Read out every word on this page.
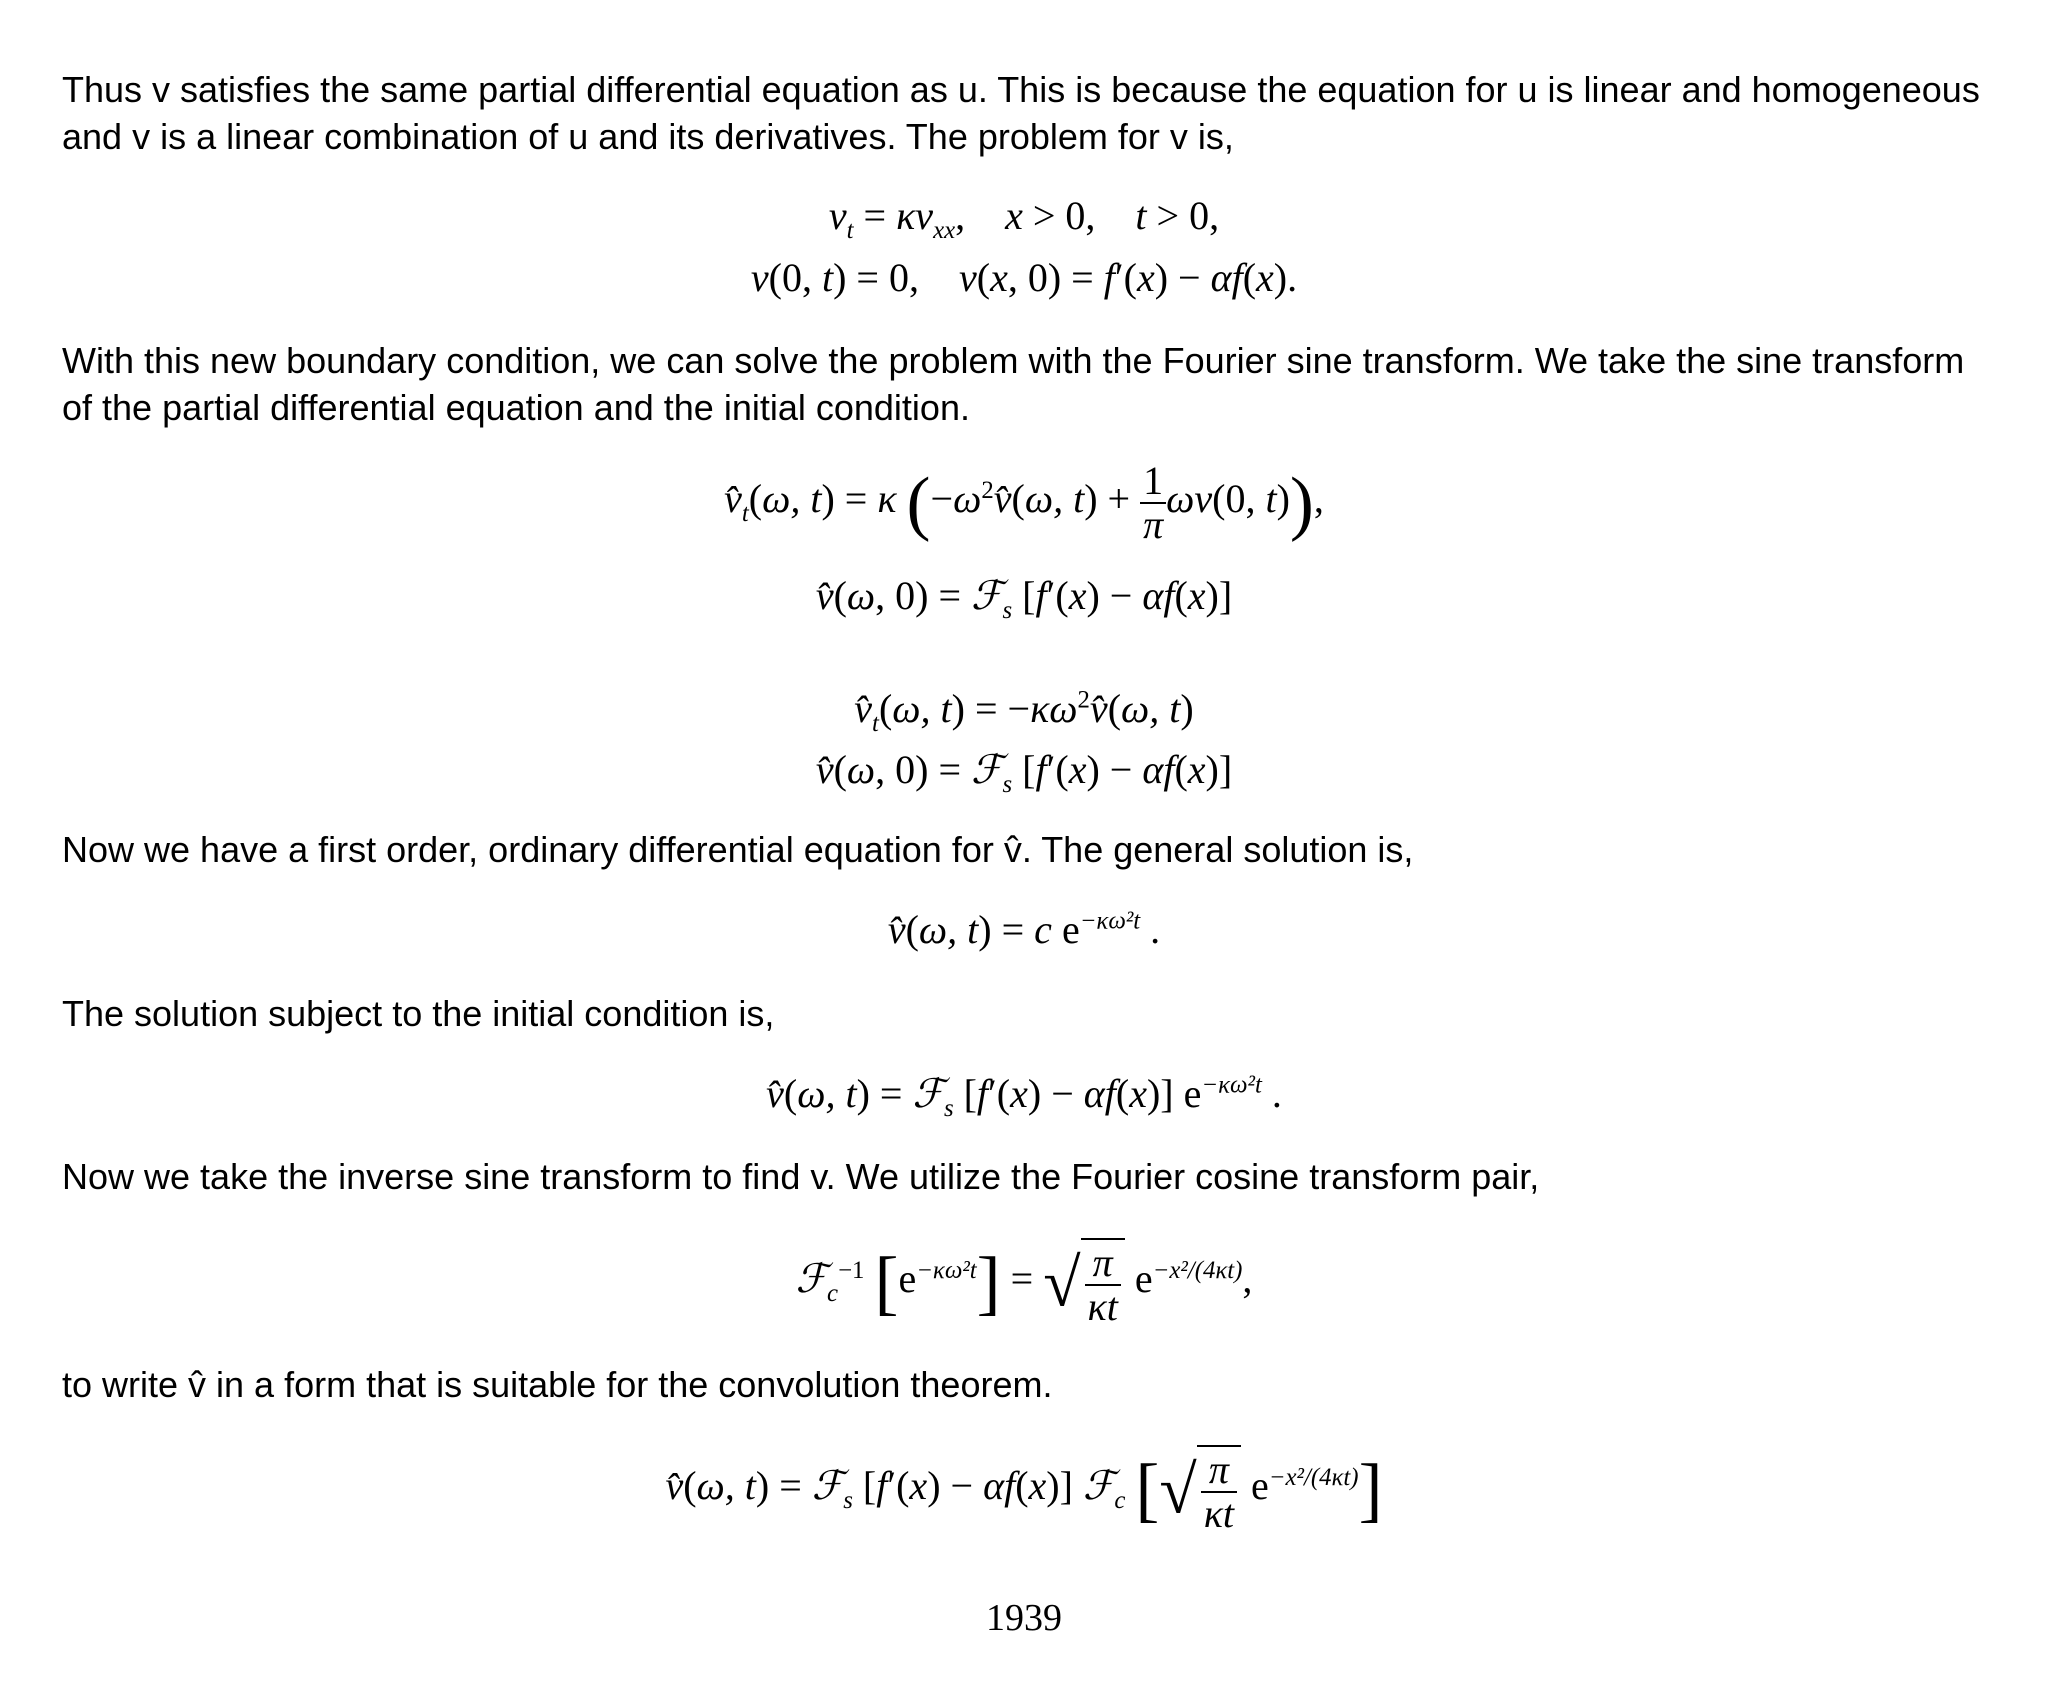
Thus v satisfies the same partial differential equation as u. This is because the equation for u is linear and homogeneous and v is a linear combination of u and its derivatives. The problem for v is,

$v_t = \kappa v_{xx}$,    x > 0,    t > 0,
v(0, t) = 0,    v(x, 0) = f′(x) − αf(x).

With this new boundary condition, we can solve the problem with the Fourier sine transform. We take the sine transform of the partial differential equation and the initial condition.

$v̂_t(\omega$, t) = κ ($-\omega^2v̂(\omega$, $t) + \frac{1}{\pi} \omega v(0$, t)),
v̂(ω, 0) = ℱ$_s$ [f′(x) − αf(x)]
$v̂_t(\omega$, $t) = -\kappa\omega^2v̂(\omega$, t)
v̂(ω, 0) = ℱ$_s$ [f′(x) − αf(x)]

Now we have a first order, ordinary differential equation for v̂. The general solution is,

v̂(ω, t) = c $e^{-\kappa\omega^2t}$ .

The solution subject to the initial condition is,

v̂(ω, t) = ℱ$_s$ [f′(x) − αf(x)] $e^{-\kappa\omega^2t}$ .

Now we take the inverse sine transform to find v. We utilize the Fourier cosine transform pair,

ℱ$_c^{-1}$ $[e^{-\kappa\omega^2t}]$ = √ $\frac{\pi}{\kappa t} e^{-x^2/(4\kappa t)}$,

to write v̂ in a form that is suitable for the convolution theorem.

v̂(ω, t) = ℱ$_s$ [f′(x) − αf(x)] ℱ$_c$ [√ $\frac{\pi}{\kappa t} e^{-x^2/(4\kappa t)}$]
1939
